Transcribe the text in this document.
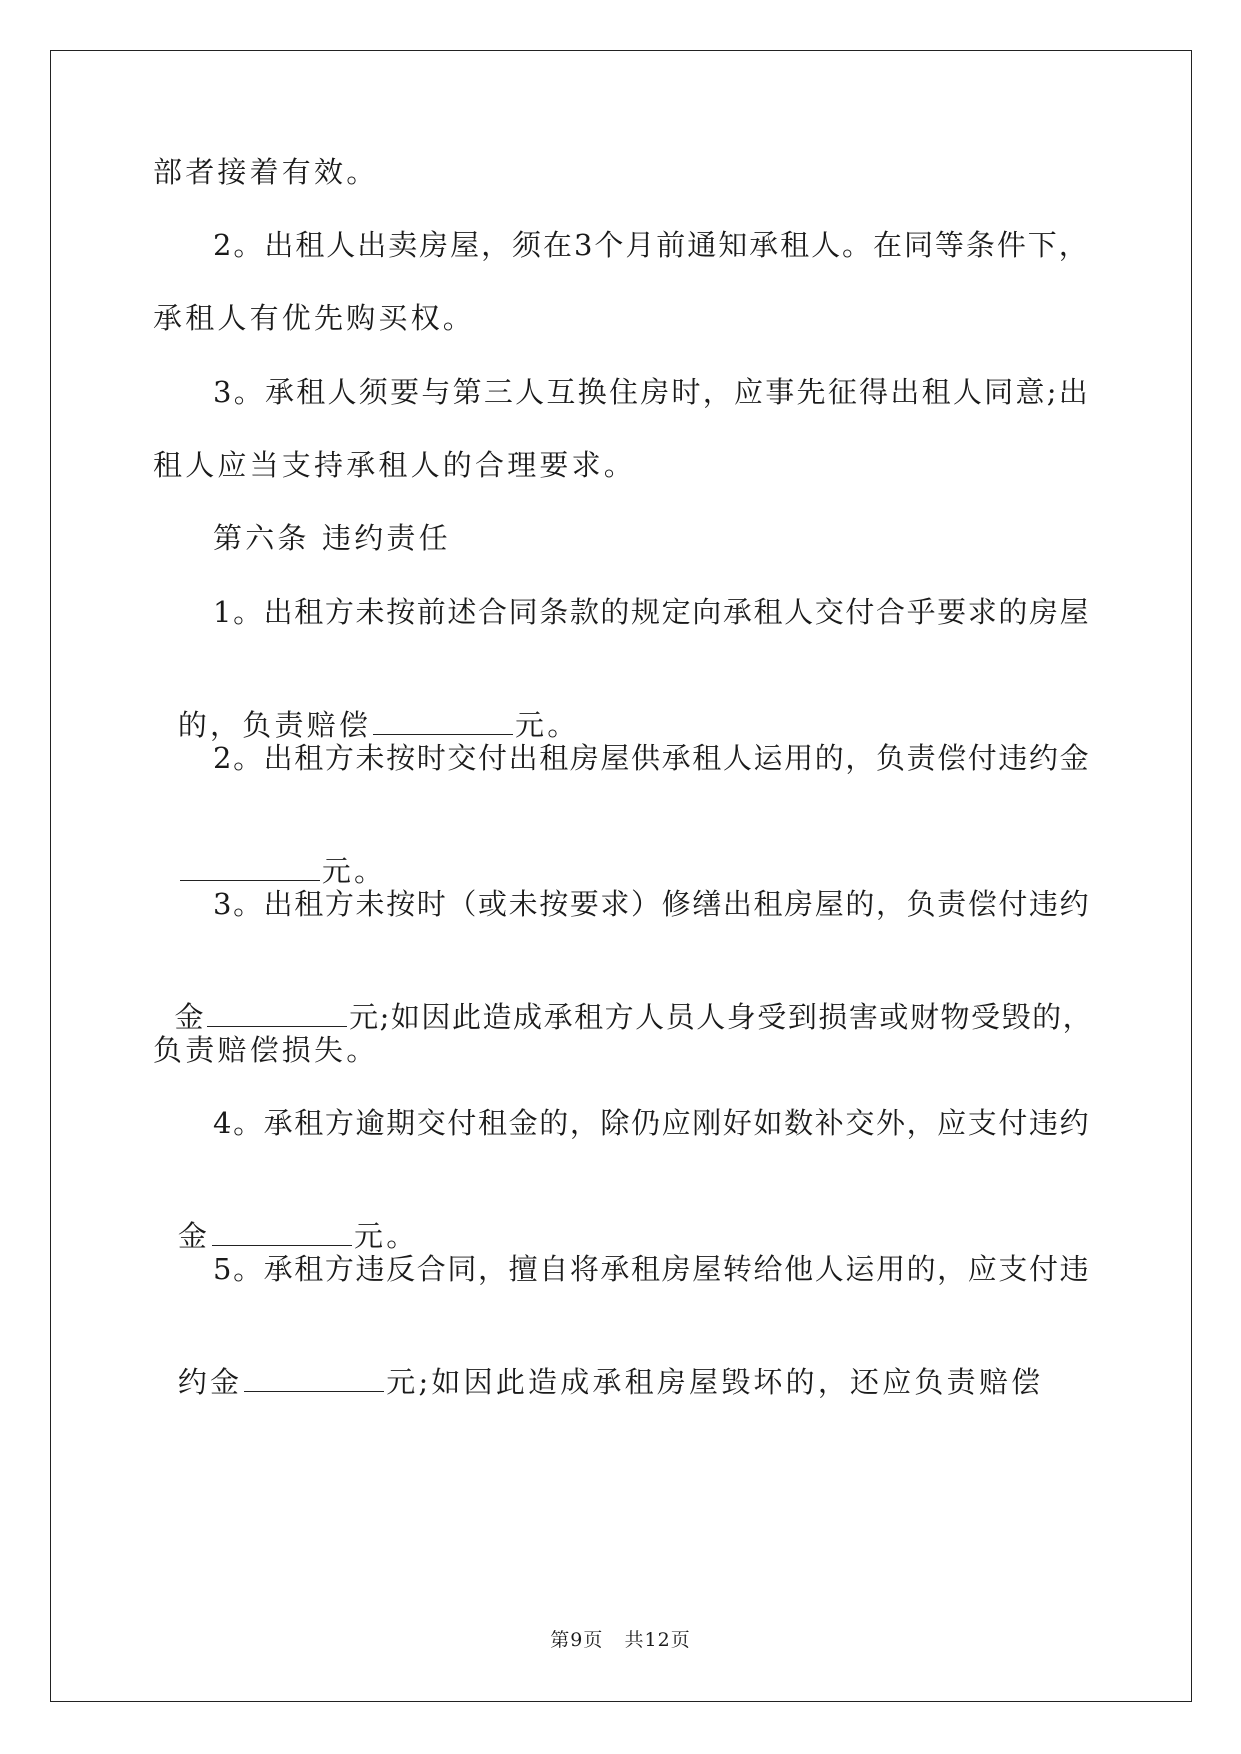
部者接着有效。
2。出租人出卖房屋，须在3个月前通知承租人。在同等条件下，
承租人有优先购买权。
3。承租人须要与第三人互换住房时，应事先征得出租人同意;出
租人应当支持承租人的合理要求。
第六条 违约责任
1。出租方未按前述合同条款的规定向承租人交付合乎要求的房屋

的，负责赔偿	元。

2。出租方未按时交付出租房屋供承租人运用的，负责偿付违约金

元。

3。出租方未按时（或未按要求）修缮出租房屋的，负责偿付违约

金	元;如因此造成承租方人员人身受到损害或财物受毁的，

负责赔偿损失。
4。承租方逾期交付租金的，除仍应刚好如数补交外，应支付违约

金	元。

5。承租方违反合同，擅自将承租房屋转给他人运用的，应支付违

约金	元;如因此造成承租房屋毁坏的，还应负责赔偿

第9页 共12页
